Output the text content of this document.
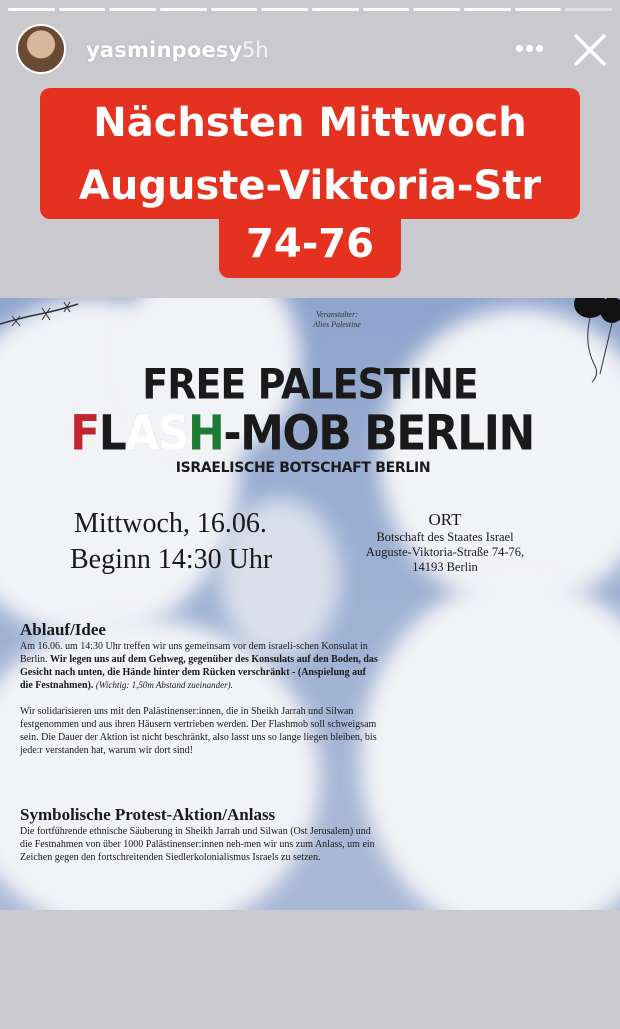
yasminpoesy 5h	•••
Nächsten Mittwoch
Auguste-Viktoria-Str
74-76
Veranstalter:
Alies Palestine
FREE PALESTINE
FLASH-MOB BERLIN
ISRAELISCHE BOTSCHAFT BERLIN
Mittwoch, 16.06.
Beginn 14:30 Uhr
ORT
Botschaft des Staates Israel
Auguste-Viktoria-Straße 74-76,
14193 Berlin
Ablauf/Idee

Am 16.06. um 14:30 Uhr treffen wir uns gemeinsam vor dem israeli-schen Konsulat in Berlin. Wir legen uns auf dem Gehweg, gegenüber des Konsulats auf den Boden, das Gesicht nach unten, die Hände hinter dem Rücken verschränkt - (Anspielung auf die Festnahmen). (Wichtig: 1,50m Abstand zueinander).

Wir solidarisieren uns mit den Palästinenser:innen, die in Sheikh Jarrah und Silwan festgenommen und aus ihren Häusern vertrieben werden. Der Flashmob soll schweigsam sein. Die Dauer der Aktion ist nicht beschränkt, also lasst uns so lange liegen bleiben, bis jede:r verstanden hat, warum wir dort sind!

Symbolische Protest-Aktion/Anlass

Die fortführende ethnische Säuberung in Sheikh Jarrah und Silwan (Ost Jerusalem) und die Festnahmen von über 1000 Palästinenser:innen neh-men wir uns zum Anlass, um ein Zeichen gegen den fortschreitenden Siedlerkolonialismus Israels zu setzen.
